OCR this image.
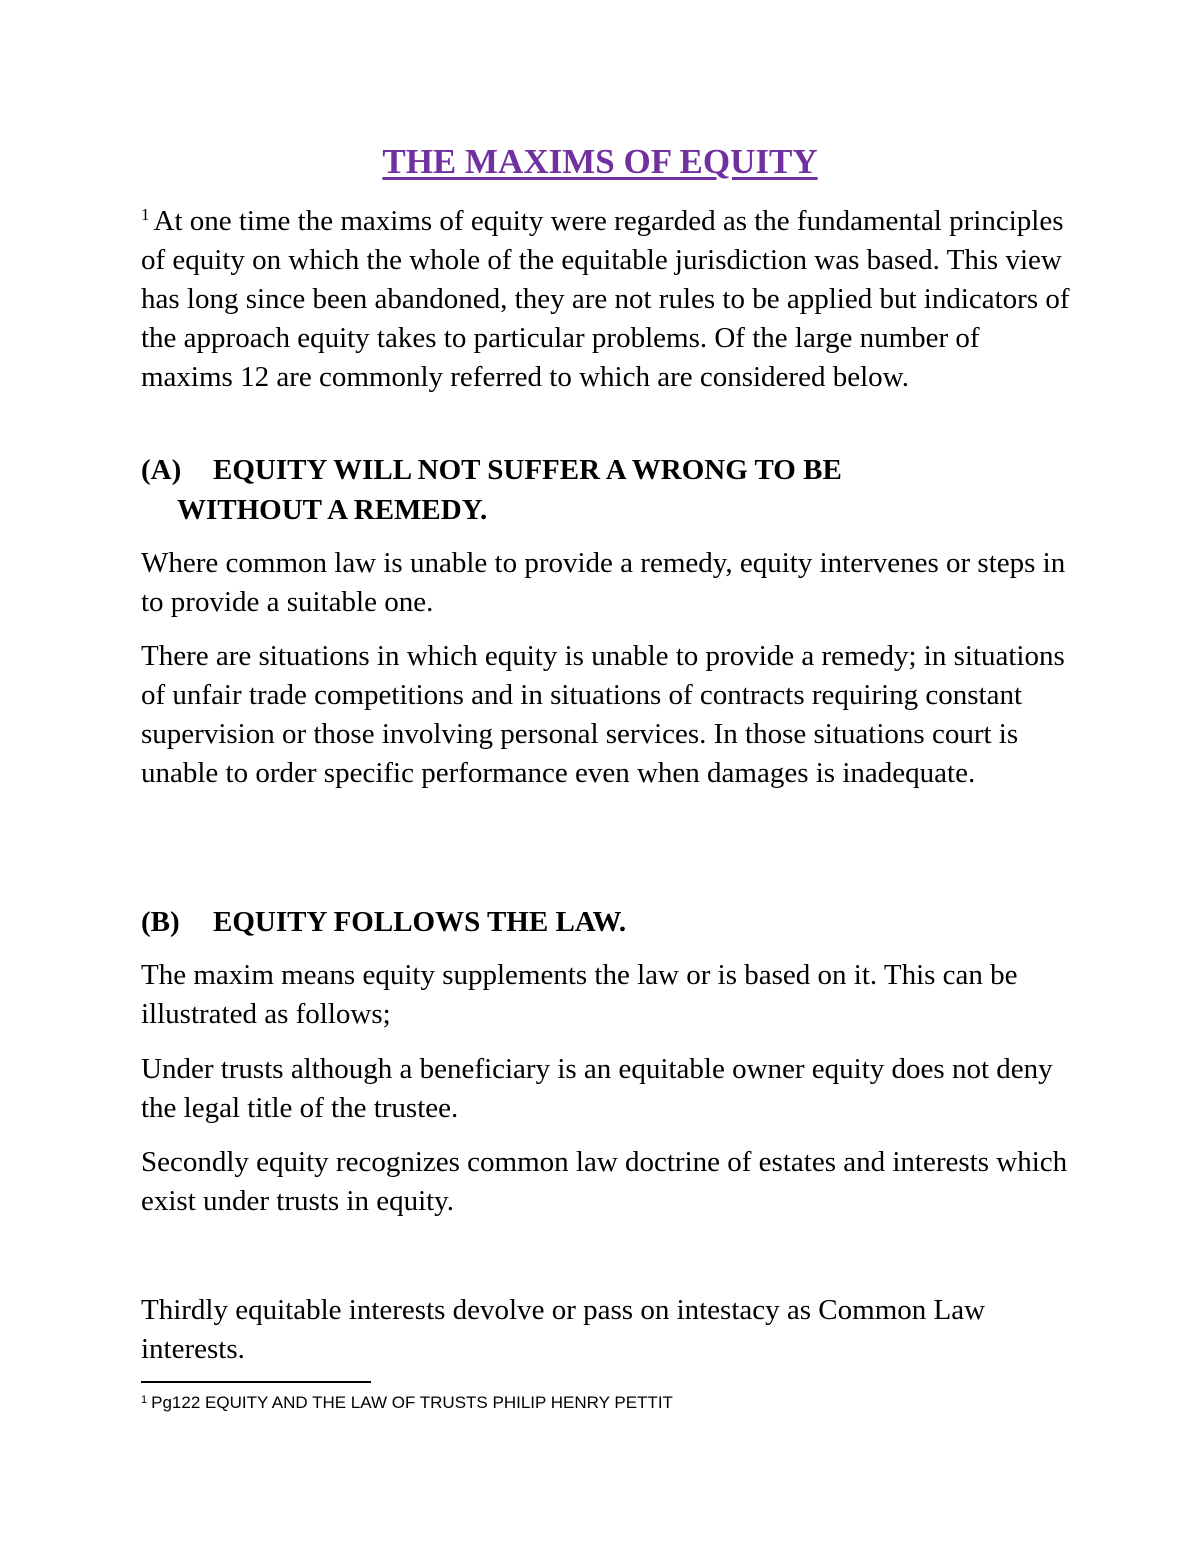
THE MAXIMS OF EQUITY

$^1$ At one time the maxims of equity were regarded as the fundamental principles of equity on which the whole of the equitable jurisdiction was based. This view has long since been abandoned, they are not rules to be applied but indicators of the approach equity takes to particular problems. Of the large number of maxims 12 are commonly referred to which are considered below.

(A) EQUITY WILL NOT SUFFER A WRONG TO BE
WITHOUT A REMEDY.

Where common law is unable to provide a remedy, equity intervenes or steps in to provide a suitable one.

There are situations in which equity is unable to provide a remedy; in situations of unfair trade competitions and in situations of contracts requiring constant supervision or those involving personal services. In those situations court is unable to order specific performance even when damages is inadequate.

(B) EQUITY FOLLOWS THE LAW.

The maxim means equity supplements the law or is based on it. This can be illustrated as follows;

Under trusts although a beneficiary is an equitable owner equity does not deny the legal title of the trustee.

Secondly equity recognizes common law doctrine of estates and interests which exist under trusts in equity.

Thirdly equitable interests devolve or pass on intestacy as Common Law interests.

$^1$ Pg122 EQUITY AND THE LAW OF TRUSTS PHILIP HENRY PETTIT
